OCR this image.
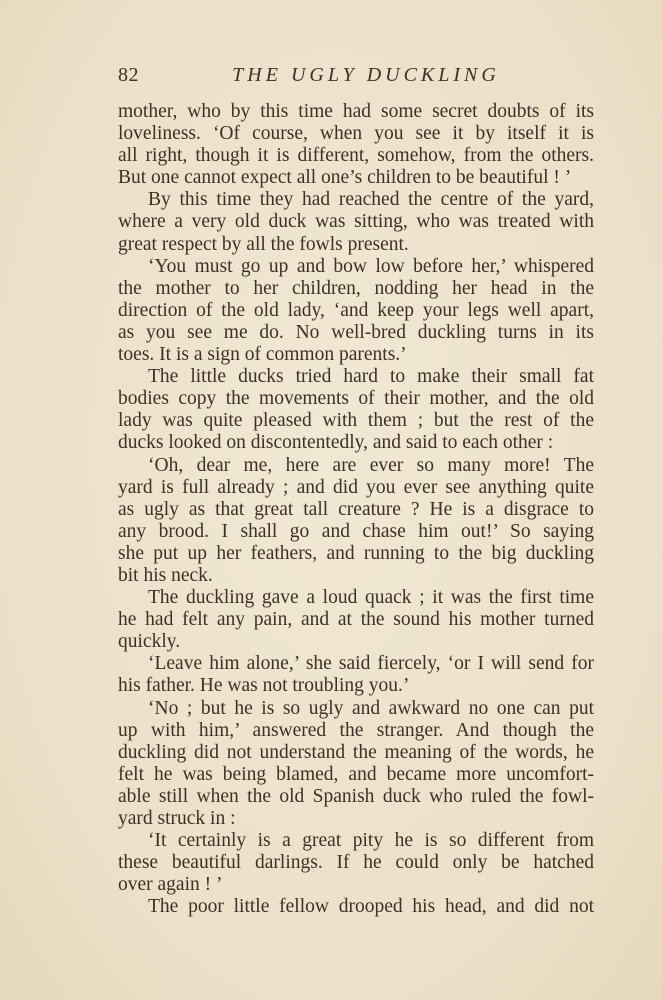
82	THE UGLY DUCKLING
mother, who by this time had some secret doubts of its
loveliness. ‘Of course, when you see it by itself it is
all right, though it is different, somehow, from the others.
But one cannot expect all one’s children to be beautiful ! ’
By this time they had reached the centre of the yard,
where a very old duck was sitting, who was treated with
great respect by all the fowls present.
‘You must go up and bow low before her,’ whispered
the mother to her children, nodding her head in the
direction of the old lady, ‘and keep your legs well apart,
as you see me do. No well-bred duckling turns in its
toes. It is a sign of common parents.’
The little ducks tried hard to make their small fat
bodies copy the movements of their mother, and the old
lady was quite pleased with them ; but the rest of the
ducks looked on discontentedly, and said to each other :
‘Oh, dear me, here are ever so many more! The
yard is full already ; and did you ever see anything quite
as ugly as that great tall creature ? He is a disgrace to
any brood. I shall go and chase him out!’ So saying
she put up her feathers, and running to the big duckling
bit his neck.
The duckling gave a loud quack ; it was the first time
he had felt any pain, and at the sound his mother turned
quickly.
‘Leave him alone,’ she said fiercely, ‘or I will send for
his father. He was not troubling you.’
‘No ; but he is so ugly and awkward no one can put
up with him,’ answered the stranger. And though the
duckling did not understand the meaning of the words, he
felt he was being blamed, and became more uncomfort-
able still when the old Spanish duck who ruled the fowl-
yard struck in :
‘It certainly is a great pity he is so different from
these beautiful darlings. If he could only be hatched
over again ! ’
The poor little fellow drooped his head, and did not
